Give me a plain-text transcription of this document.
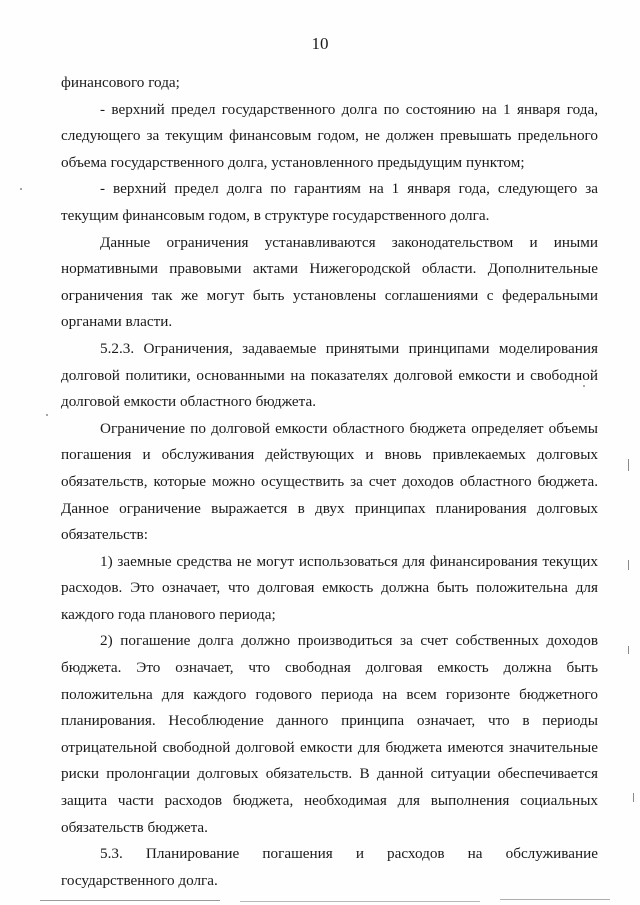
10

финансового года;

- верхний предел государственного долга по состоянию на 1 января года, следующего за текущим финансовым годом, не должен превышать предельного объема государственного долга, установленного предыдущим пунктом;

- верхний предел долга по гарантиям на 1 января года, следующего за текущим финансовым годом, в структуре государственного долга.

Данные ограничения устанавливаются законодательством и иными нормативными правовыми актами Нижегородской области. Дополнительные ограничения так же могут быть установлены соглашениями с федеральными органами власти.

5.2.3. Ограничения, задаваемые принятыми принципами моделирования долговой политики, основанными на показателях долговой емкости и свободной долговой емкости областного бюджета.

Ограничение по долговой емкости областного бюджета определяет объемы погашения и обслуживания действующих и вновь привлекаемых долговых обязательств, которые можно осуществить за счет доходов областного бюджета. Данное ограничение выражается в двух принципах планирования долговых обязательств:

1) заемные средства не могут использоваться для финансирования текущих расходов. Это означает, что долговая емкость должна быть положительна для каждого года планового периода;

2) погашение долга должно производиться за счет собственных доходов бюджета. Это означает, что свободная долговая емкость должна быть положительна для каждого годового периода на всем горизонте бюджетного планирования. Несоблюдение данного принципа означает, что в периоды отрицательной свободной долговой емкости для бюджета имеются значительные риски пролонгации долговых обязательств. В данной ситуации обеспечивается защита части расходов бюджета, необходимая для выполнения социальных обязательств бюджета.

5.3. Планирование погашения и расходов на обслуживание государственного долга.
